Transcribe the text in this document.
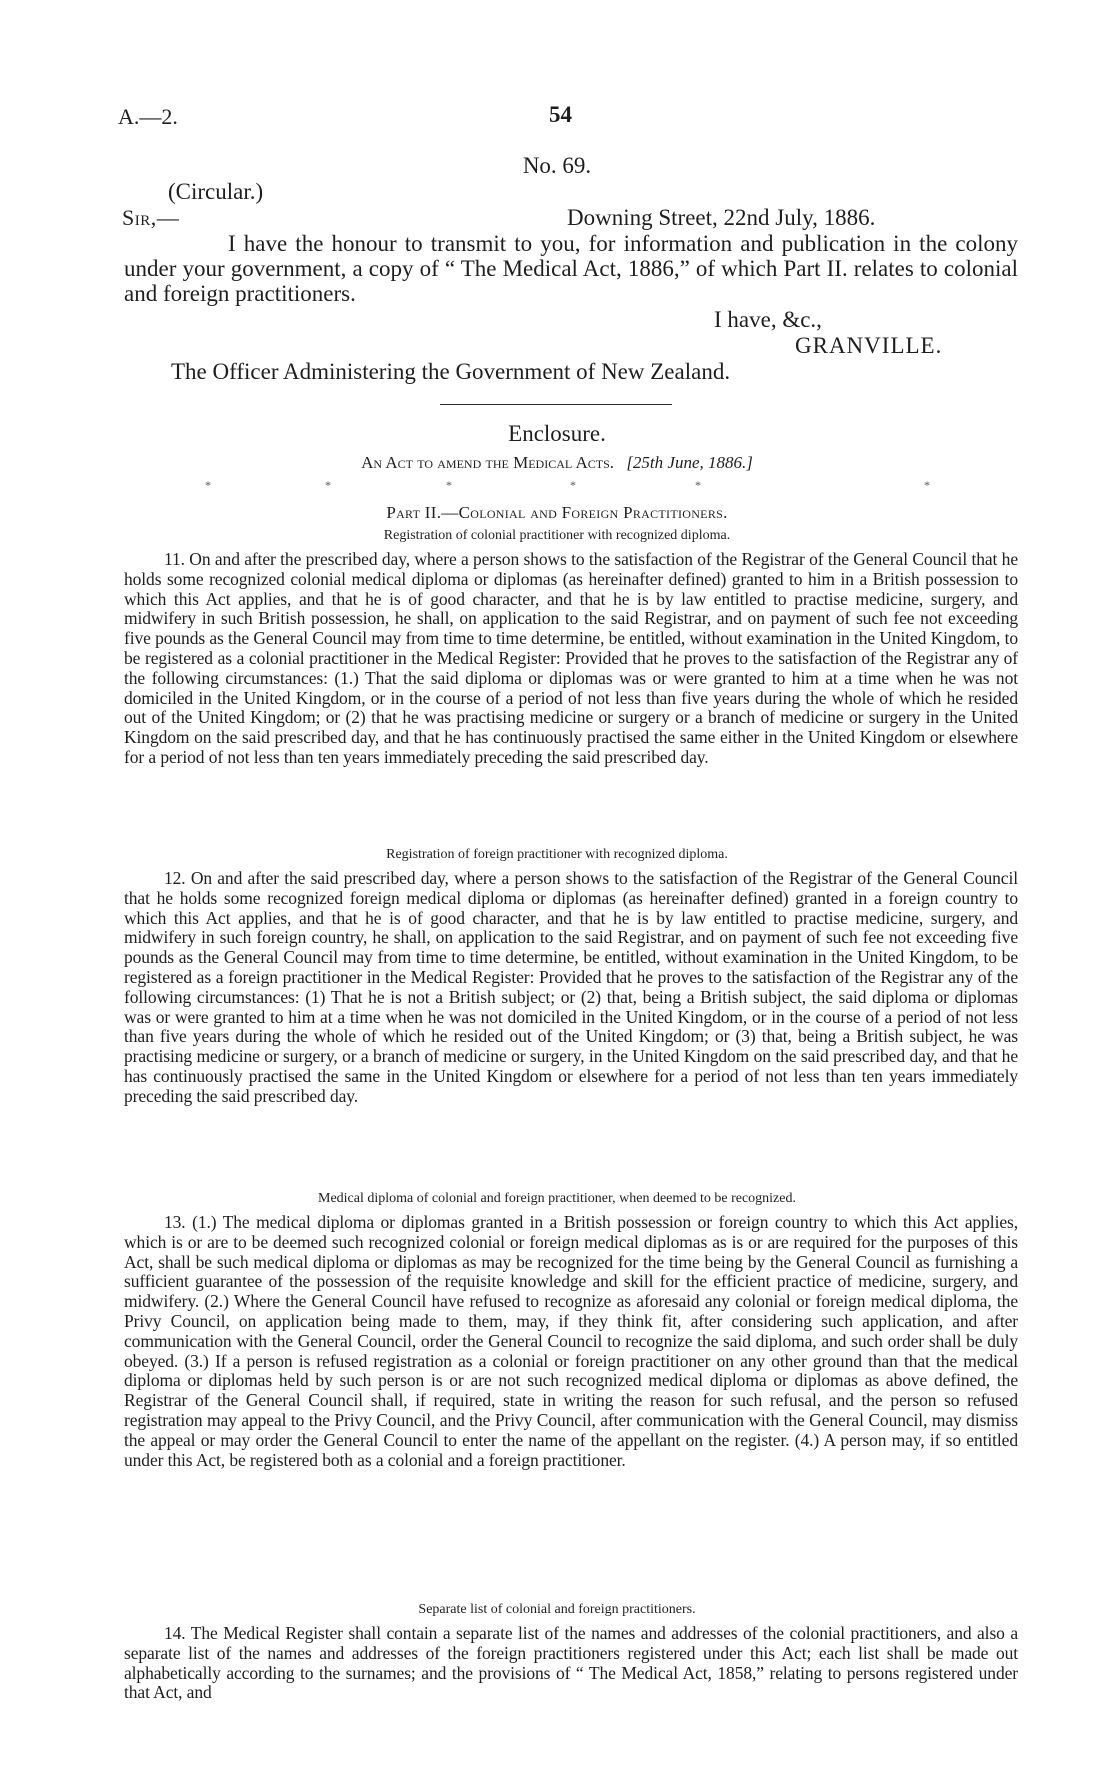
A.—2.	54
No. 69.
(Circular.)
Sir,—	Downing Street, 22nd July, 1886.

I have the honour to transmit to you, for information and publication in the colony under your government, a copy of “ The Medical Act, 1886,” of which Part II. relates to colonial and foreign practitioners.

I have, &c.,
GRANVILLE.
The Officer Administering the Government of New Zealand.
Enclosure.
An Act to amend the Medical Acts. [25th June, 1886.]
*	*	*	*	*	*
Part II.—Colonial and Foreign Practitioners.
Registration of colonial practitioner with recognized diploma.

11. On and after the prescribed day, where a person shows to the satisfaction of the Registrar of the General Council that he holds some recognized colonial medical diploma or diplomas (as hereinafter defined) granted to him in a British possession to which this Act applies, and that he is of good character, and that he is by law entitled to practise medicine, surgery, and midwifery in such British possession, he shall, on application to the said Registrar, and on payment of such fee not exceeding five pounds as the General Council may from time to time determine, be entitled, without examination in the United Kingdom, to be registered as a colonial practitioner in the Medical Register: Provided that he proves to the satisfaction of the Registrar any of the following circumstances: (1.) That the said diploma or diplomas was or were granted to him at a time when he was not domiciled in the United Kingdom, or in the course of a period of not less than five years during the whole of which he resided out of the United Kingdom; or (2) that he was practising medicine or surgery or a branch of medicine or surgery in the United Kingdom on the said prescribed day, and that he has continuously practised the same either in the United Kingdom or elsewhere for a period of not less than ten years immediately preceding the said prescribed day.

Registration of foreign practitioner with recognized diploma.

12. On and after the said prescribed day, where a person shows to the satisfaction of the Registrar of the General Council that he holds some recognized foreign medical diploma or diplomas (as hereinafter defined) granted in a foreign country to which this Act applies, and that he is of good character, and that he is by law entitled to practise medicine, surgery, and midwifery in such foreign country, he shall, on application to the said Registrar, and on payment of such fee not exceeding five pounds as the General Council may from time to time determine, be entitled, without examination in the United Kingdom, to be registered as a foreign practitioner in the Medical Register: Provided that he proves to the satisfaction of the Registrar any of the following circumstances: (1) That he is not a British subject; or (2) that, being a British subject, the said diploma or diplomas was or were granted to him at a time when he was not domiciled in the United Kingdom, or in the course of a period of not less than five years during the whole of which he resided out of the United Kingdom; or (3) that, being a British subject, he was practising medicine or surgery, or a branch of medicine or surgery, in the United Kingdom on the said prescribed day, and that he has continuously practised the same in the United Kingdom or elsewhere for a period of not less than ten years immediately preceding the said prescribed day.

Medical diploma of colonial and foreign practitioner, when deemed to be recognized.

13. (1.) The medical diploma or diplomas granted in a British possession or foreign country to which this Act applies, which is or are to be deemed such recognized colonial or foreign medical diplomas as is or are required for the purposes of this Act, shall be such medical diploma or diplomas as may be recognized for the time being by the General Council as furnishing a sufficient guarantee of the possession of the requisite knowledge and skill for the efficient practice of medicine, surgery, and midwifery. (2.) Where the General Council have refused to recognize as aforesaid any colonial or foreign medical diploma, the Privy Council, on application being made to them, may, if they think fit, after considering such application, and after communication with the General Council, order the General Council to recognize the said diploma, and such order shall be duly obeyed. (3.) If a person is refused registration as a colonial or foreign practitioner on any other ground than that the medical diploma or diplomas held by such person is or are not such recognized medical diploma or diplomas as above defined, the Registrar of the General Council shall, if required, state in writing the reason for such refusal, and the person so refused registration may appeal to the Privy Council, and the Privy Council, after communication with the General Council, may dismiss the appeal or may order the General Council to enter the name of the appellant on the register. (4.) A person may, if so entitled under this Act, be registered both as a colonial and a foreign practitioner.

Separate list of colonial and foreign practitioners.

14. The Medical Register shall contain a separate list of the names and addresses of the colonial practitioners, and also a separate list of the names and addresses of the foreign practitioners registered under this Act; each list shall be made out alphabetically according to the surnames; and the provisions of “ The Medical Act, 1858,” relating to persons registered under that Act, and
